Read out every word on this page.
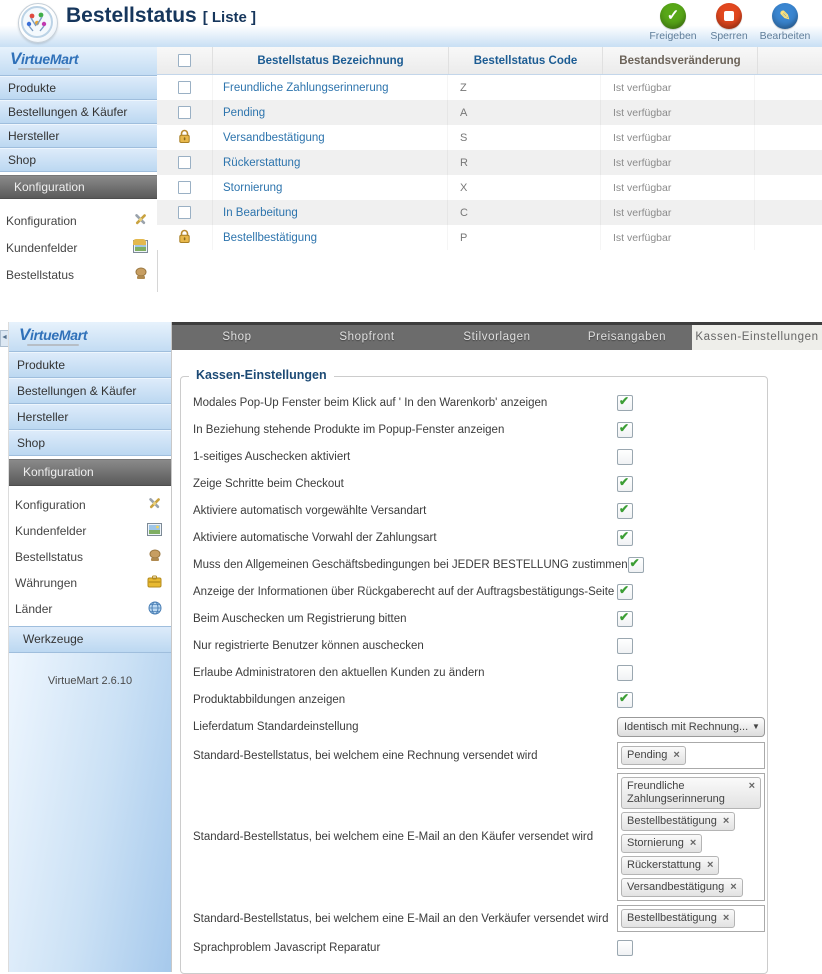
Bestellstatus [ Liste ]	✓
Freigeben	Sperren
✎
Bearbeiten
VirtueMart
Produkte
Bestellungen & Käufer
Hersteller
Shop
Konfiguration
Konfiguration
Kundenfelder
Bestellstatus
Bestellstatus Bezeichnung	Bestellstatus Code	Bestandsveränderung
Freundliche Zahlungserinnerung	Z	Ist verfügbar
Pending	A	Ist verfügbar
Versandbestätigung	S	Ist verfügbar
Rückerstattung	R	Ist verfügbar
Stornierung	X	Ist verfügbar
In Bearbeitung	C	Ist verfügbar
Bestellbestätigung	P	Ist verfügbar
◄ VirtueMart
Produkte
Bestellungen & Käufer
Hersteller
Shop
Konfiguration
Konfiguration
Kundenfelder
Bestellstatus
Währungen
Länder
Werkzeuge
VirtueMart 2.6.10
Shop	Shopfront	Stilvorlagen	Preisangaben	Kassen-Einstellungen
Kassen-Einstellungen
Modales Pop-Up Fenster beim Klick auf ' In den Warenkorb' anzeigen	✔
In Beziehung stehende Produkte im Popup-Fenster anzeigen	✔
1-seitiges Auschecken aktiviert
Zeige Schritte beim Checkout	✔
Aktiviere automatisch vorgewählte Versandart	✔
Aktiviere automatische Vorwahl der Zahlungsart	✔
Muss den Allgemeinen Geschäftsbedingungen bei JEDER BESTELLUNG zustimmen ✔
Anzeige der Informationen über Rückgaberecht auf der Auftragsbestätigungs-Seite ✔
Beim Auschecken um Registrierung bitten	✔
Nur registrierte Benutzer können auschecken
Erlaube Administratoren den aktuellen Kunden zu ändern
Produktabbildungen anzeigen	✔
Lieferdatum Standardeinstellung	Identisch mit Rechnung... ▼
Standard-Bestellstatus, bei welchem eine Rechnung versendet wird	Pending ×
Standard-Bestellstatus, bei welchem eine E-Mail an den Käufer versendet wird
Freundliche Zahlungserinnerung
×
Bestellbestätigung ×
Stornierung ×
Rückerstattung ×
Versandbestätigung ×
Standard-Bestellstatus, bei welchem eine E-Mail an den Verkäufer versendet wird	Bestellbestätigung ×
Sprachproblem Javascript Reparatur
